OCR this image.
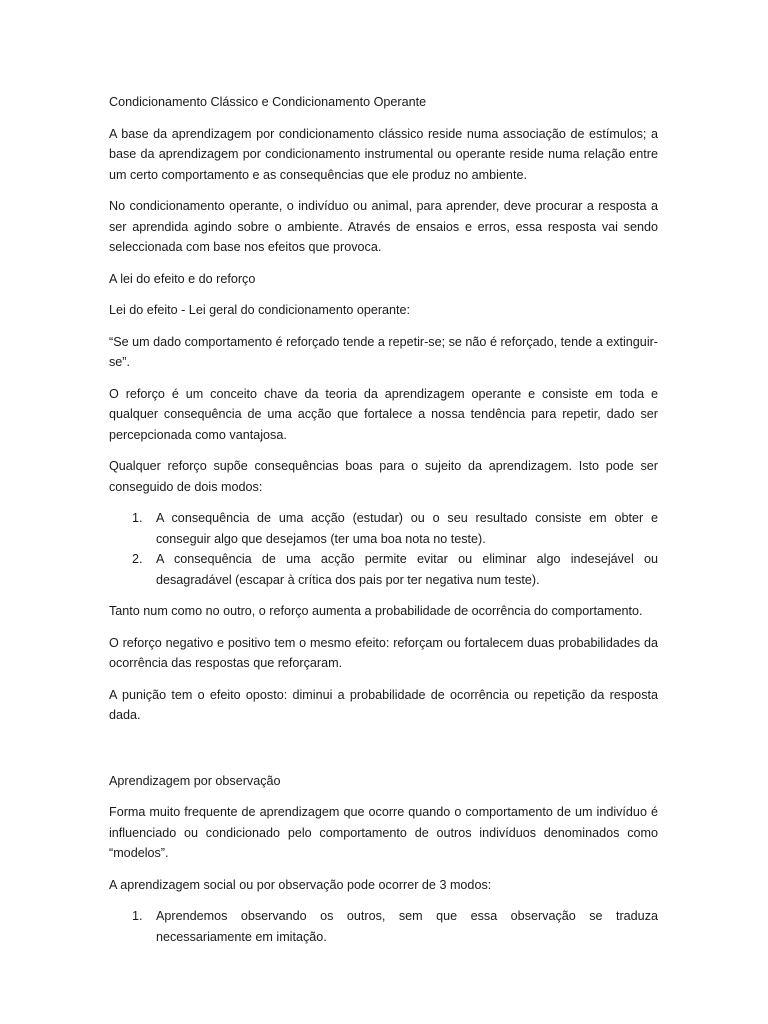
Condicionamento Clássico e Condicionamento Operante

A base da aprendizagem por condicionamento clássico reside numa associação de estímulos; a base da aprendizagem por condicionamento instrumental ou operante reside numa relação entre um certo comportamento e as consequências que ele produz no ambiente.

No condicionamento operante, o indivíduo ou animal, para aprender, deve procurar a resposta a ser aprendida agindo sobre o ambiente. Através de ensaios e erros, essa resposta vai sendo seleccionada com base nos efeitos que provoca.

A lei do efeito e do reforço

Lei do efeito - Lei geral do condicionamento operante:

“Se um dado comportamento é reforçado tende a repetir-se; se não é reforçado, tende a extinguir-se”.

O reforço é um conceito chave da teoria da aprendizagem operante e consiste em toda e qualquer consequência de uma acção que fortalece a nossa tendência para repetir, dado ser percepcionada como vantajosa.

Qualquer reforço supõe consequências boas para o sujeito da aprendizagem. Isto pode ser conseguido de dois modos:

1. A consequência de uma acção (estudar) ou o seu resultado consiste em obter e conseguir algo que desejamos (ter uma boa nota no teste).
2. A consequência de uma acção permite evitar ou eliminar algo indesejável ou desagradável (escapar à crítica dos pais por ter negativa num teste).

Tanto num como no outro, o reforço aumenta a probabilidade de ocorrência do comportamento.

O reforço negativo e positivo tem o mesmo efeito: reforçam ou fortalecem duas probabilidades da ocorrência das respostas que reforçaram.

A punição tem o efeito oposto: diminui a probabilidade de ocorrência ou repetição da resposta dada.

Aprendizagem por observação

Forma muito frequente de aprendizagem que ocorre quando o comportamento de um indivíduo é influenciado ou condicionado pelo comportamento de outros indivíduos denominados como “modelos”.

A aprendizagem social ou por observação pode ocorrer de 3 modos:

1. Aprendemos observando os outros, sem que essa observação se traduza necessariamente em imitação.
